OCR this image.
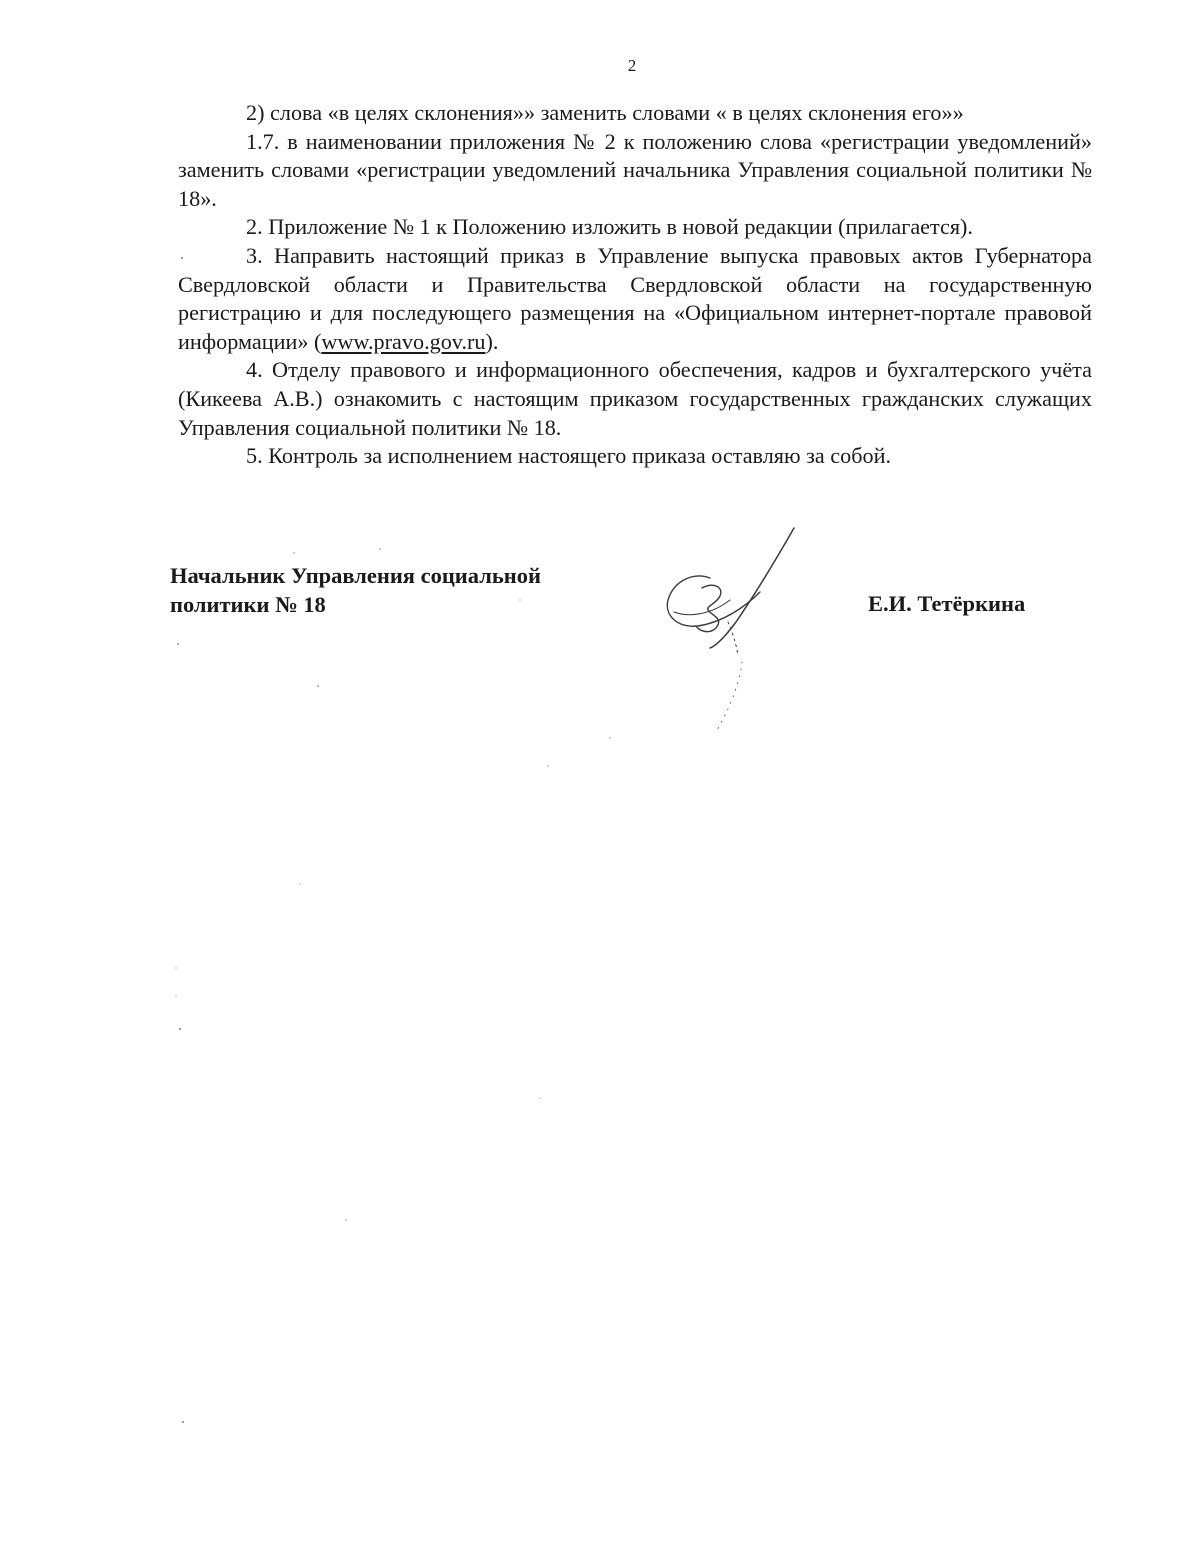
2

2) слова «в целях склонения»» заменить словами « в целях склонения его»»

1.7. в наименовании приложения № 2 к положению слова «регистрации уведомлений» заменить словами «регистрации уведомлений начальника Управления социальной политики № 18».

2. Приложение № 1 к Положению изложить в новой редакции (прилагается).

3. Направить настоящий приказ в Управление выпуска правовых актов Губернатора Свердловской области и Правительства Свердловской области на государственную регистрацию и для последующего размещения на «Официальном интернет-портале правовой информации» (www.pravo.gov.ru).

4. Отделу правового и информационного обеспечения, кадров и бухгалтерского учёта (Кикеева А.В.) ознакомить с настоящим приказом государственных гражданских служащих Управления социальной политики № 18.

5. Контроль за исполнением настоящего приказа оставляю за собой.

Начальник Управления социальной
политики № 18	Е.И. Тетёркина
